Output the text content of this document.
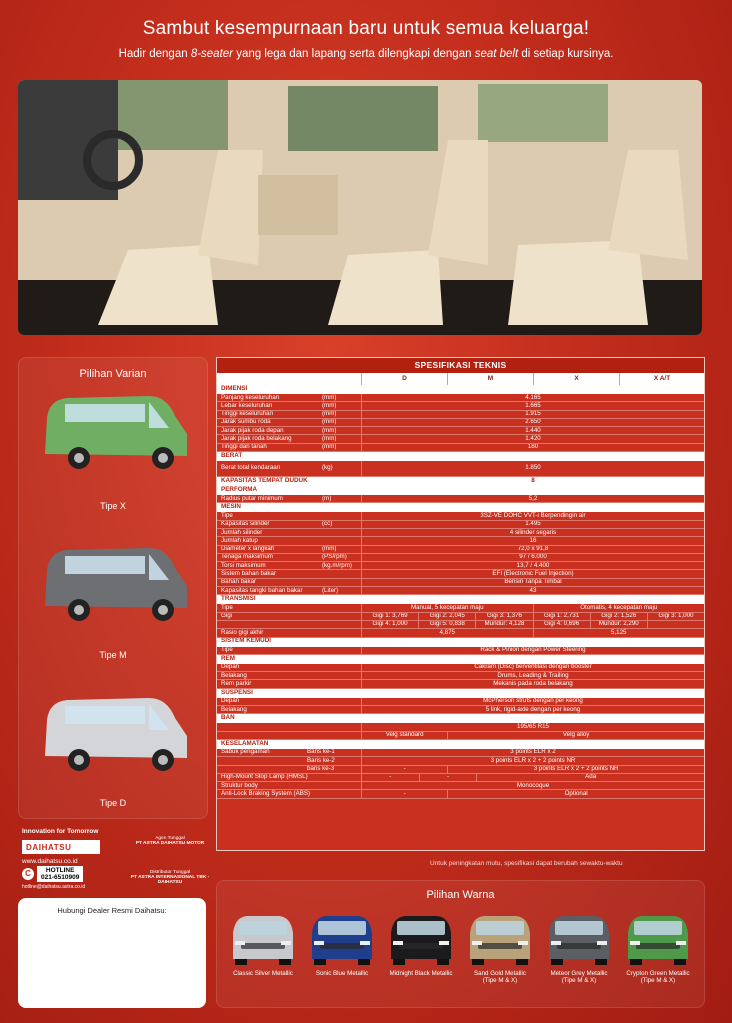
Sambut kesempurnaan baru untuk semua keluarga!
Hadir dengan 8-seater yang lega dan lapang serta dilengkapi dengan seat belt di setiap kursinya.
Pilihan Varian
Tipe X
Tipe M
Tipe D
SPESIFIKASI TEKNIS
D	M	X	X A/T
DIMENSI
Panjang keseluruhan	(mm)	4.165
Lebar keseluruhan	(mm)	1.665
Tinggi keseluruhan	(mm)	1.915
Jarak sumbu roda	(mm)	2.650
Jarak pijak roda depan	(mm)	1.440
Jarak pijak roda belakang	(mm)	1.420
Tinggi dari tanah	(mm)	180
BERAT
Berat total kendaraan	(kg)	1.850
KAPASITAS TEMPAT DUDUK	8
PERFORMA
Radius putar minimum	(m)	5,2
MESIN
Tipe	3SZ-VE DOHC VVT-i Berpendingin air
Kapasitas silinder	(cc)	1.495
Jumlah silinder	4 silinder segaris
Jumlah katup	16
Diameter x langkah	(mm)	72,0 x 91,8
Tenaga maksimum	(PS/rpm)	97 / 6.000
Torsi maksimum	(kg.m/rpm)	13,7 / 4.400
Sistem bahan bakar	EFI (Electronic Fuel Injection)
Bahan bakar	Bensin Tanpa Timbal
Kapasitas tangki bahan bakar	(Liter)	43
TRANSMISI
Tipe	Manual, 5 kecepatan maju	Otomatis, 4 kecepatan maju
Gigi	Gigi 1: 3,769	Gigi 2: 2,045	Gigi 3: 1,376	Gigi 1: 2,731	Gigi 2: 1,526	Gigi 3: 1,000
Gigi 4: 1,000	Gigi 5: 0,838	Mundur: 4,128	Gigi 4: 0,696	Mundur: 2,290
Rasio gigi akhir	4,875	5,125
SISTEM KEMUDI
Tipe	Rack & Pinion dengan Power Steering
REM
Depan	Cakram (Disc) berventilasi dengan booster
Belakang	Drums, Leading & Trailing
Rem parkir	Mekanis pada roda belakang
SUSPENSI
Depan	McPherson struts dengan per keong
Belakang	5 link, rigid-axle dengan per keong
BAN
195/65 R15
Velg standard	Velg alloy
KESELAMATAN
Sabuk pengaman	Baris ke-1	3 points ELR x 2
Baris ke-2	3 points ELR x 2 + 2 points NR
baris ke-3	-	3 points ELR x 2 + 2 points NR
High-Mount Stop Lamp (HMSL)	-	-	Ada
Struktur body	Monocoque
Anti-Lock Braking System (ABS)	-	Optional
Untuk peningkatan mutu, spesifikasi dapat berubah sewaktu-waktu
Innovation for Tomorrow
DAIHATSU
www.daihatsu.co.id
C	HOTLINE
021-6510909
hotline@daihatsu.astra.co.id
Agen Tunggal
PT ASTRA DAIHATSU MOTOR
Distributor Tunggal
PT ASTRA INTERNASIONAL TBK - DAIHATSU
Hubungi Dealer Resmi Daihatsu:
Pilihan Warna
Classic Silver Metallic	Sonic Blue Metallic	Midnight Black Metallic	Sand Gold Metallic
(Tipe M & X)
Meteor Grey Metallic
(Tipe M & X)
Crypton Green Metallic
(Tipe M & X)
